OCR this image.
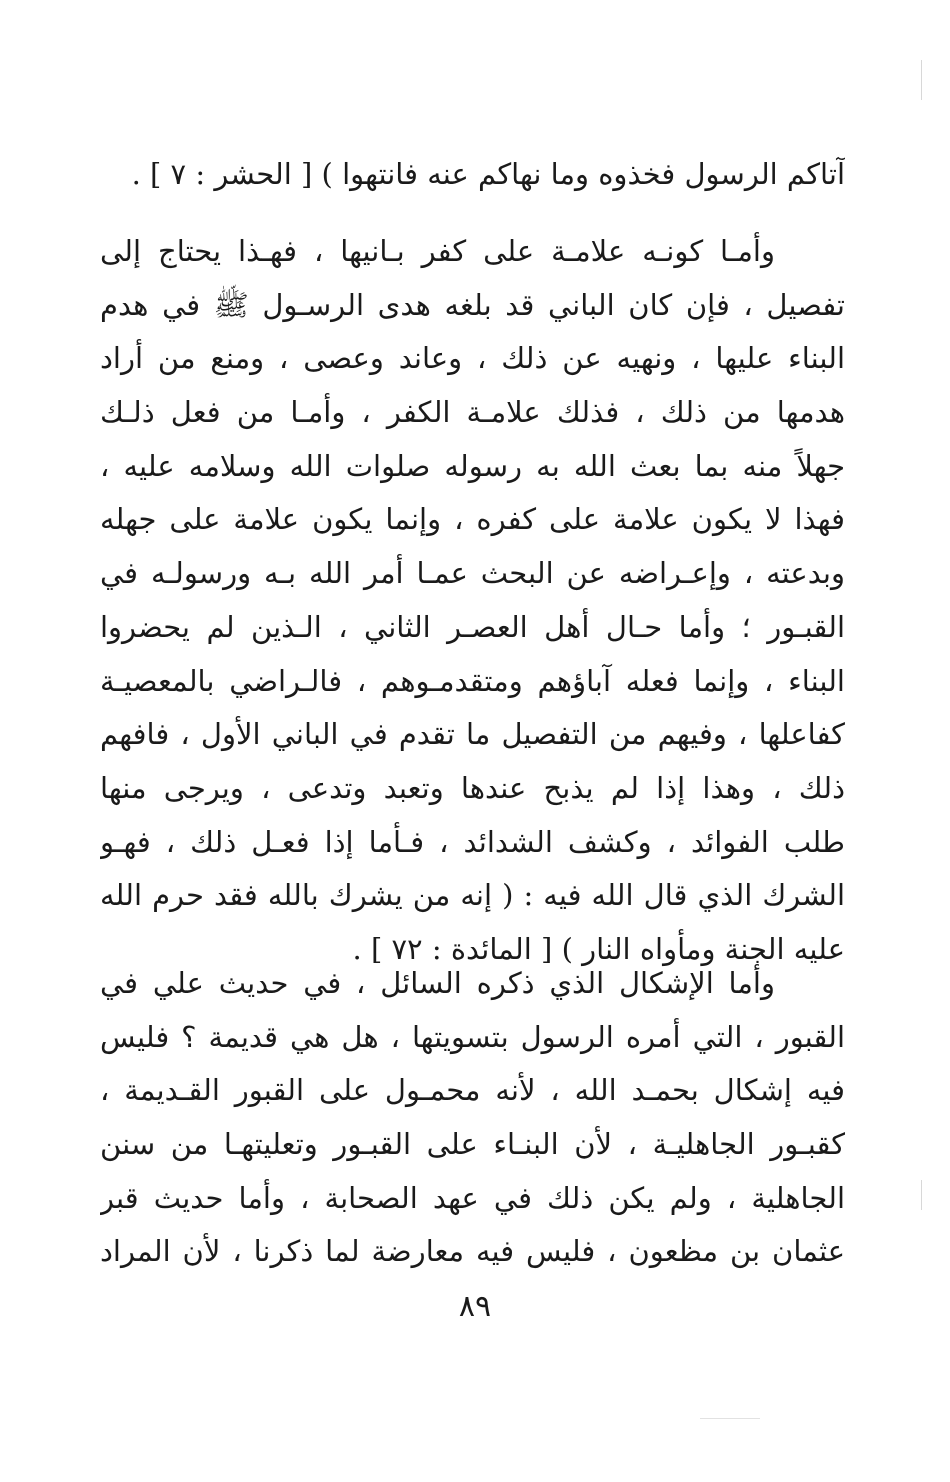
آتاكم الرسول فخذوه وما نهاكم عنه فانتهوا ) [ الحشر : ٧ ] .
وأمـا كونـه علامـة على كفر بـانيها ، فهـذا يحتاج إلى
تفصيل ، فإن كان الباني قد بلغه هدى الرسـول ﷺ في هدم
البناء عليها ، ونهيه عن ذلك ، وعاند وعصى ، ومنع من أراد
هدمها من ذلك ، فذلك علامـة الكفر ، وأمـا من فعل ذلـك
جهلاً منه بما بعث الله به رسوله صلوات الله وسلامه عليه ،
فهذا لا يكون علامة على كفره ، وإنما يكون علامة على جهله
وبدعته ، وإعـراضه عن البحث عمـا أمر الله بـه ورسولـه في
القبـور ؛ وأما حـال أهل العصـر الثاني ، الـذين لم يحضروا
البناء ، وإنما فعله آباؤهم ومتقدمـوهم ، فالـراضي بالمعصيـة
كفاعلها ، وفيهم من التفصيل ما تقدم في الباني الأول ، فافهم
ذلك ، وهذا إذا لم يذبح عندها وتعبد وتدعى ، ويرجى منها
طلب الفوائد ، وكشف الشدائد ، فـأما إذا فعـل ذلك ، فهـو
الشرك الذي قال الله فيه : ( إنه من يشرك بالله فقد حرم الله
عليه الجنة ومأواه النار ) [ المائدة : ٧٢ ] .
وأما الإشكال الذي ذكره السائل ، في حديث علي في
القبور ، التي أمره الرسول بتسويتها ، هل هي قديمة ؟ فليس
فيه إشكال بحمـد الله ، لأنه محمـول على القبور القـديمة ،
كقبـور الجاهليـة ، لأن البنـاء على القبـور وتعليتهـا من سنن
الجاهلية ، ولم يكن ذلك في عهد الصحابة ، وأما حديث قبر
عثمان بن مظعون ، فليس فيه معارضة لما ذكرنا ، لأن المراد
٨٩
